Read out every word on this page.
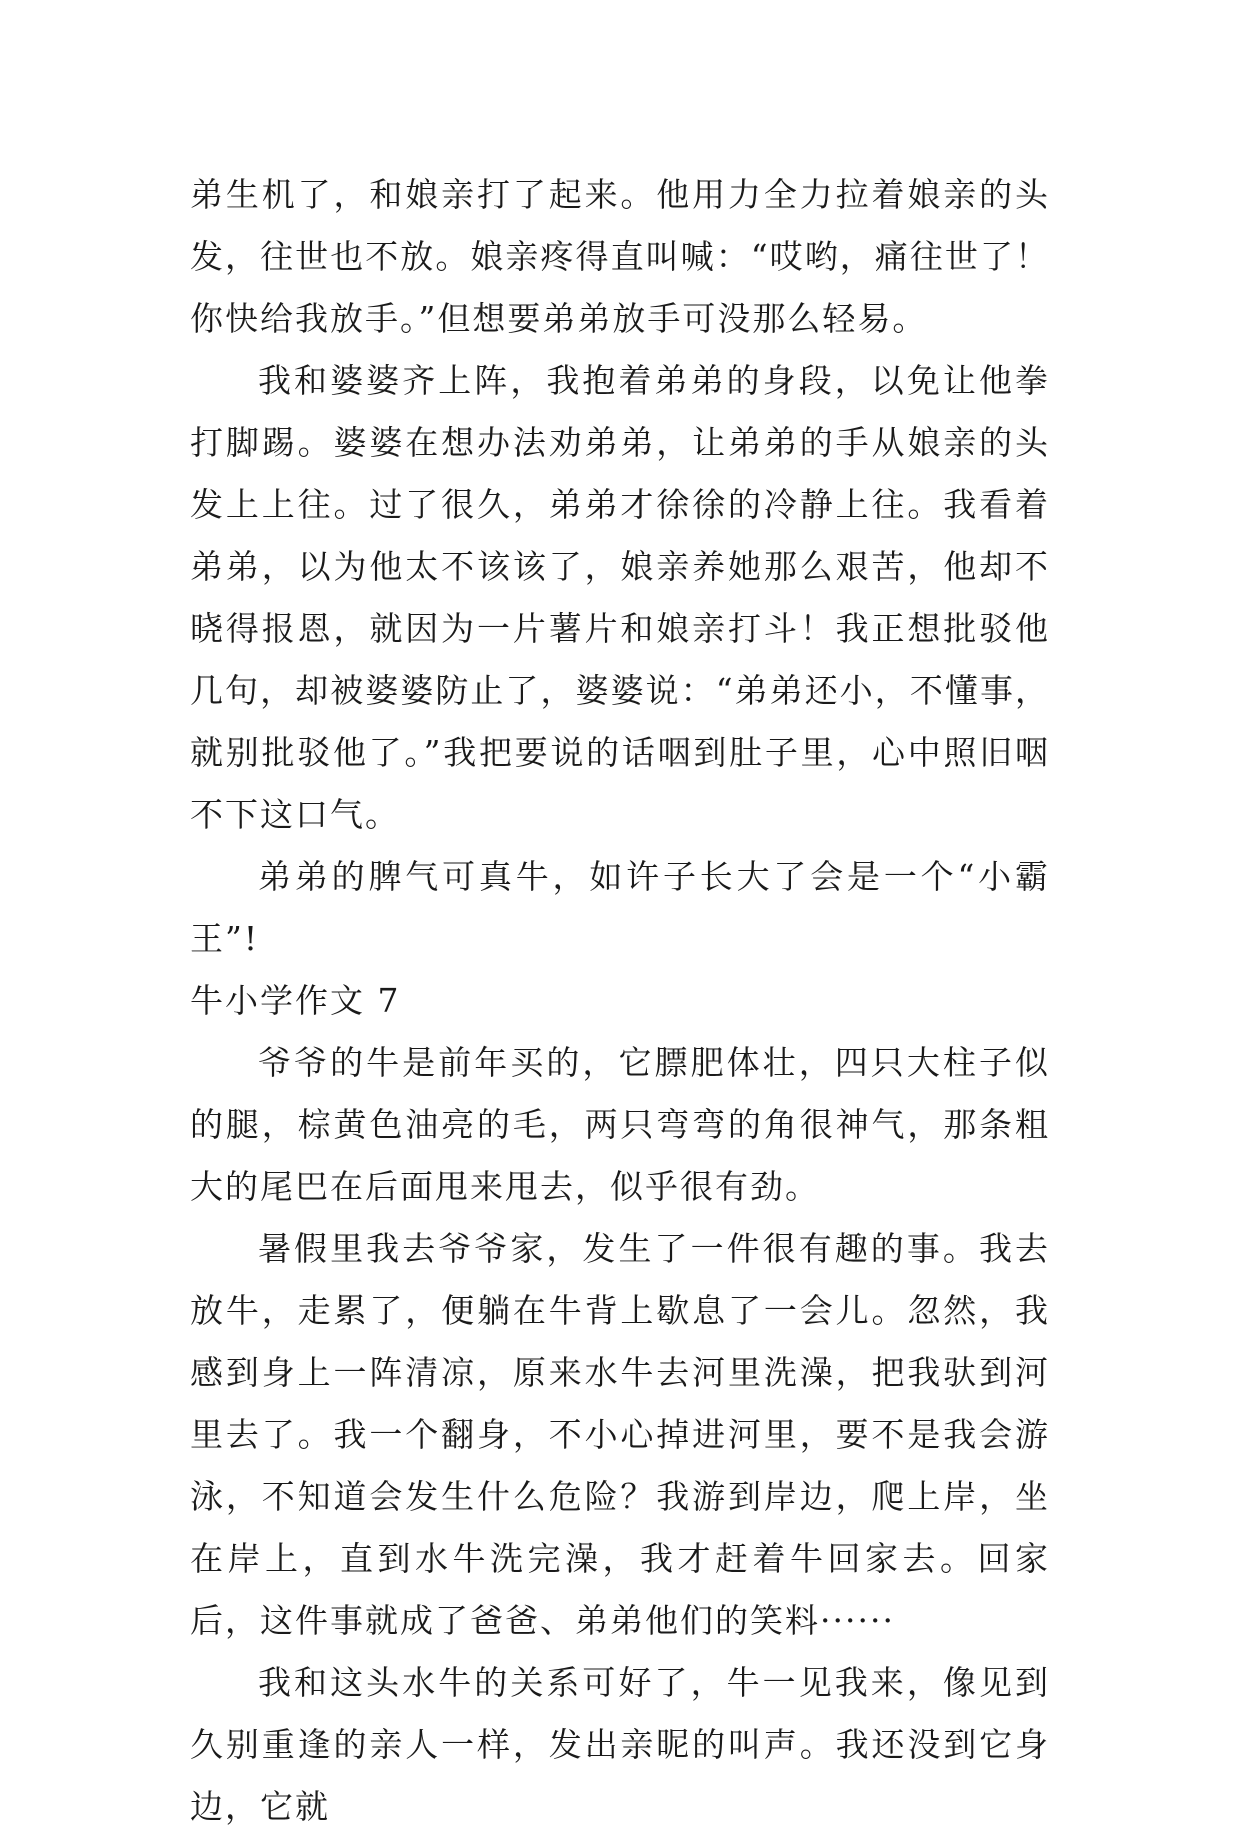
弟生机了，和娘亲打了起来。他用力全力拉着娘亲的头发，往世也不放。娘亲疼得直叫喊：“哎哟，痛往世了！你快给我放手。”但想要弟弟放手可没那么轻易。

我和婆婆齐上阵，我抱着弟弟的身段，以免让他拳打脚踢。婆婆在想办法劝弟弟，让弟弟的手从娘亲的头发上上往。过了很久，弟弟才徐徐的冷静上往。我看着弟弟，以为他太不该该了，娘亲养她那么艰苦，他却不晓得报恩，就因为一片薯片和娘亲打斗！我正想批驳他几句，却被婆婆防止了，婆婆说：“弟弟还小，不懂事，就别批驳他了。”我把要说的话咽到肚子里，心中照旧咽不下这口气。

弟弟的脾气可真牛，如许子长大了会是一个“小霸王”!

牛小学作文 7

爷爷的牛是前年买的，它膘肥体壮，四只大柱子似的腿，棕黄色油亮的毛，两只弯弯的角很神气，那条粗大的尾巴在后面甩来甩去，似乎很有劲。

暑假里我去爷爷家，发生了一件很有趣的事。我去放牛，走累了，便躺在牛背上歇息了一会儿。忽然，我感到身上一阵清凉，原来水牛去河里洗澡，把我驮到河里去了。我一个翻身，不小心掉进河里，要不是我会游泳，不知道会发生什么危险？我游到岸边，爬上岸，坐在岸上，直到水牛洗完澡，我才赶着牛回家去。回家后，这件事就成了爸爸、弟弟他们的笑料······

我和这头水牛的关系可好了，牛一见我来，像见到久别重逢的亲人一样，发出亲昵的叫声。我还没到它身边，它就
